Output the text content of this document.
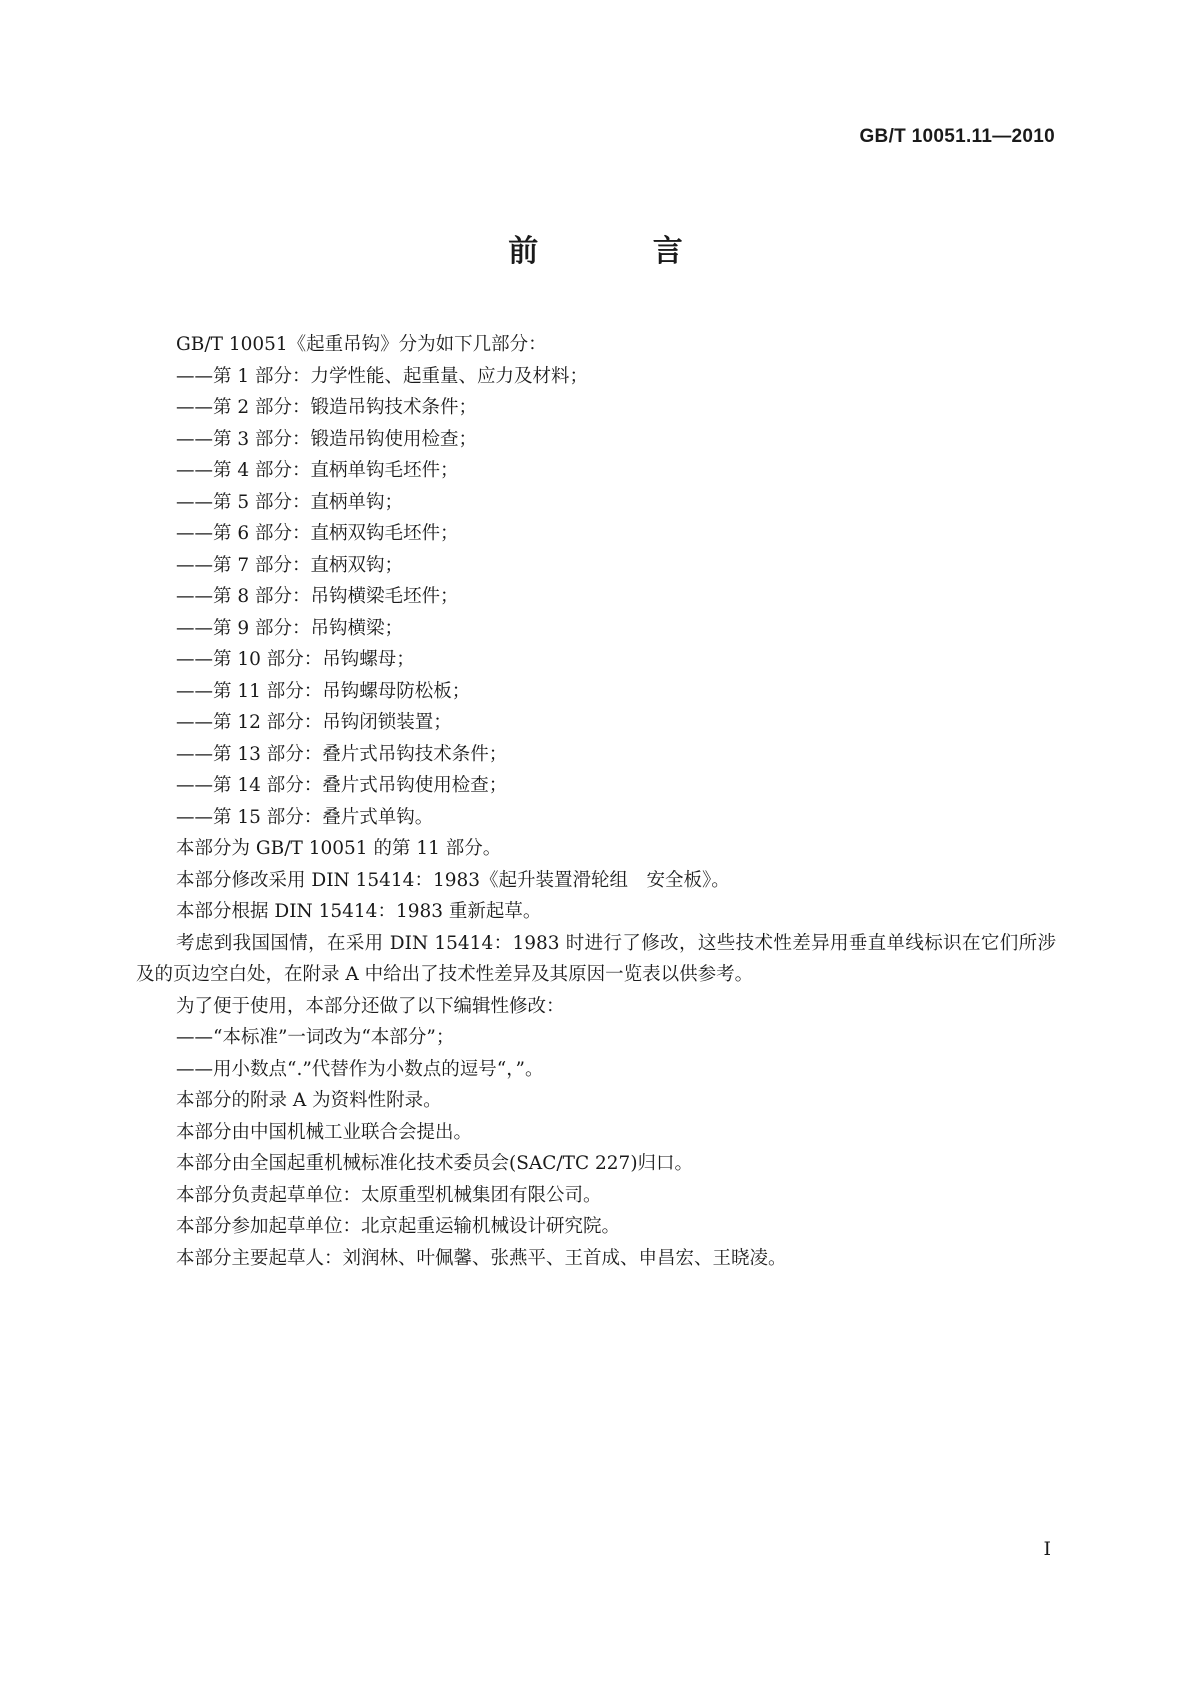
GB/T 10051.11—2010
前 言

GB/T 10051《起重吊钩》分为如下几部分：

——第 1 部分：力学性能、起重量、应力及材料；

——第 2 部分：锻造吊钩技术条件；

——第 3 部分：锻造吊钩使用检查；

——第 4 部分：直柄单钩毛坯件；

——第 5 部分：直柄单钩；

——第 6 部分：直柄双钩毛坯件；

——第 7 部分：直柄双钩；

——第 8 部分：吊钩横梁毛坯件；

——第 9 部分：吊钩横梁；

——第 10 部分：吊钩螺母；

——第 11 部分：吊钩螺母防松板；

——第 12 部分：吊钩闭锁装置；

——第 13 部分：叠片式吊钩技术条件；

——第 14 部分：叠片式吊钩使用检查；

——第 15 部分：叠片式单钩。

本部分为 GB/T 10051 的第 11 部分。

本部分修改采用 DIN 15414：1983《起升装置滑轮组　安全板》。

本部分根据 DIN 15414：1983 重新起草。

考虑到我国国情，在采用 DIN 15414：1983 时进行了修改，这些技术性差异用垂直单线标识在它们所涉及的页边空白处，在附录 A 中给出了技术性差异及其原因一览表以供参考。

为了便于使用，本部分还做了以下编辑性修改：

——“本标准”一词改为“本部分”；

——用小数点“.”代替作为小数点的逗号“，”。

本部分的附录 A 为资料性附录。

本部分由中国机械工业联合会提出。

本部分由全国起重机械标准化技术委员会(SAC/TC 227)归口。

本部分负责起草单位：太原重型机械集团有限公司。

本部分参加起草单位：北京起重运输机械设计研究院。

本部分主要起草人：刘润林、叶佩馨、张燕平、王首成、申昌宏、王晓凌。

I
